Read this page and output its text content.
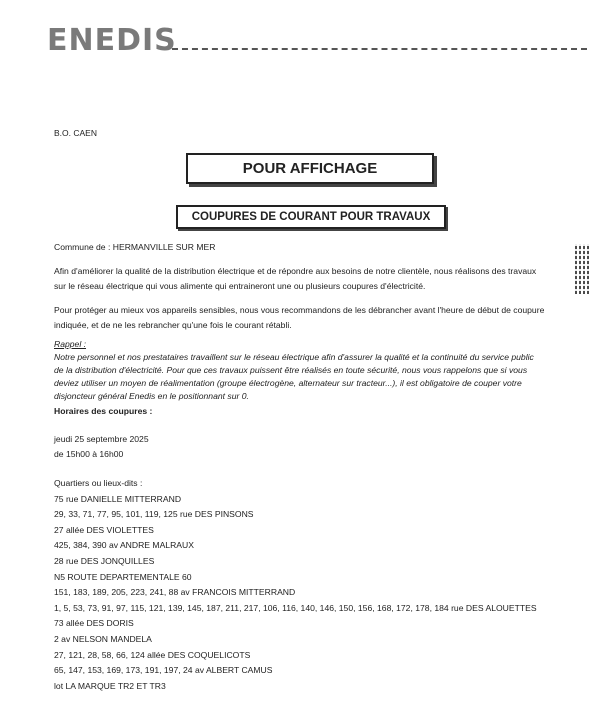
ENEDIS
B.O. CAEN
POUR AFFICHAGE
COUPURES DE COURANT POUR TRAVAUX
Commune de : HERMANVILLE SUR MER
Afin d'améliorer la qualité de la distribution électrique et de répondre aux besoins de notre clientèle, nous réalisons des travaux
sur le réseau électrique qui vous alimente qui entraineront une ou plusieurs coupures d'électricité.
Pour protéger au mieux vos appareils sensibles, nous vous recommandons de les débrancher avant l'heure de début de coupure
indiquée, et de ne les rebrancher qu'une fois le courant rétabli.
Rappel :
Notre personnel et nos prestataires travaillent sur le réseau électrique afin d'assurer la qualité et la continuité du service public
de la distribution d'électricité. Pour que ces travaux puissent être réalisés en toute sécurité, nous vous rappelons que si vous
deviez utiliser un moyen de réalimentation (groupe électrogène, alternateur sur tracteur...), il est obligatoire de couper votre
disjoncteur général Enedis en le positionnant sur 0.
Horaires des coupures :
jeudi 25 septembre 2025
de 15h00 à 16h00
Quartiers ou lieux-dits :
75 rue DANIELLE MITTERRAND
29, 33, 71, 77, 95, 101, 119, 125 rue DES PINSONS
27 allée DES VIOLETTES
425, 384, 390 av ANDRE MALRAUX
28 rue DES JONQUILLES
N5 ROUTE DEPARTEMENTALE 60
151, 183, 189, 205, 223, 241, 88 av FRANCOIS MITTERRAND
1, 5, 53, 73, 91, 97, 115, 121, 139, 145, 187, 211, 217, 106, 116, 140, 146, 150, 156, 168, 172, 178, 184 rue DES ALOUETTES
73 allée DES DORIS
2 av NELSON MANDELA
27, 121, 28, 58, 66, 124 allée DES COQUELICOTS
65, 147, 153, 169, 173, 191, 197, 24 av ALBERT CAMUS
lot LA MARQUE TR2 ET TR3
